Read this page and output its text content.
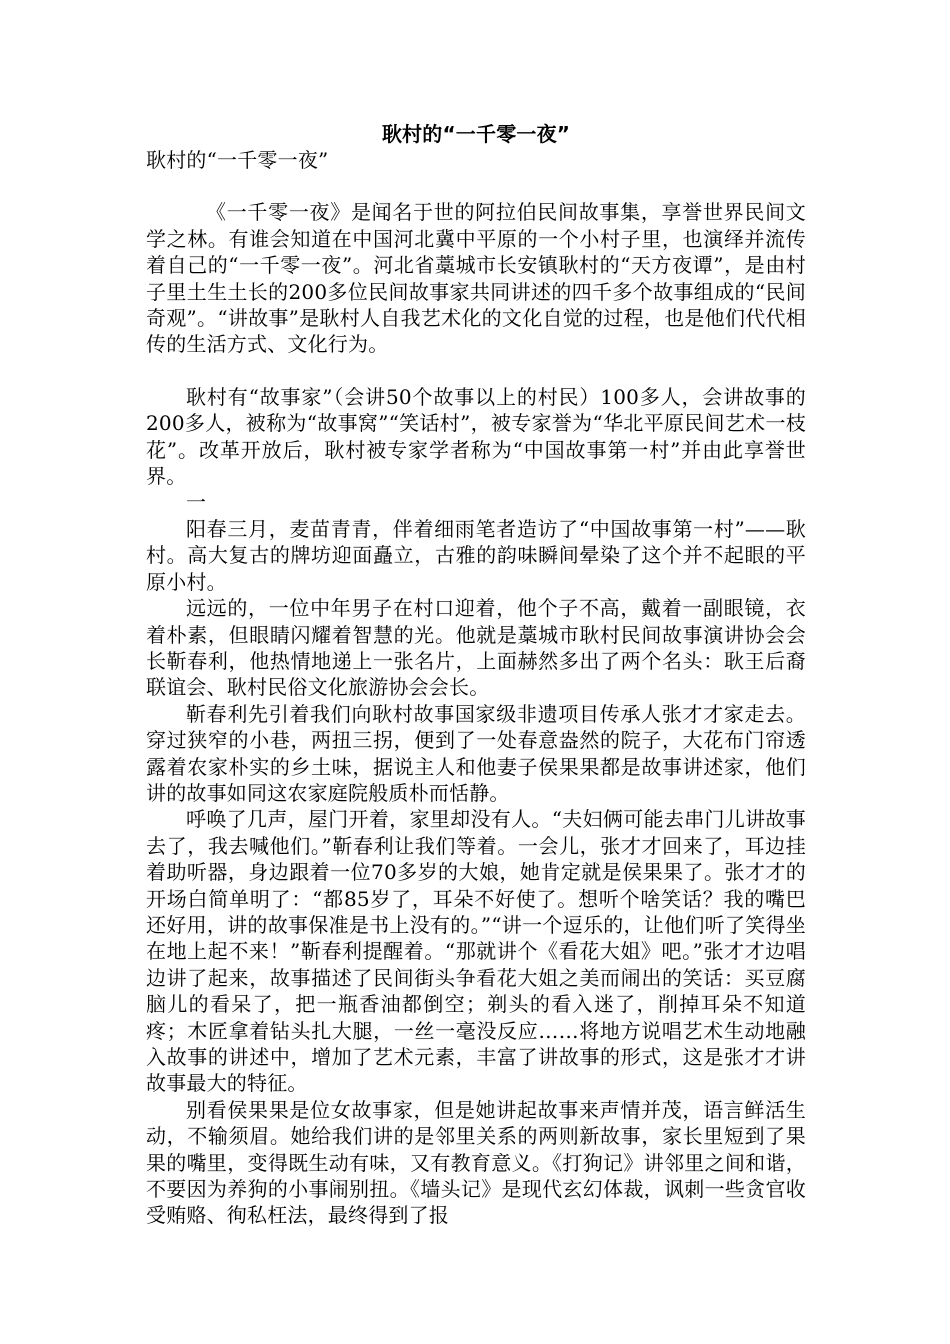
耿村的“一千零一夜”

耿村的“一千零一夜”

《一千零一夜》是闻名于世的阿拉伯民间故事集，享誉世界民间文学之林。有谁会知道在中国河北冀中平原的一个小村子里，也演绎并流传着自己的“一千零一夜”。河北省藁城市长安镇耿村的“天方夜谭”，是由村子里土生土长的200多位民间故事家共同讲述的四千多个故事组成的“民间奇观”。“讲故事”是耿村人自我艺术化的文化自觉的过程，也是他们代代相传的生活方式、文化行为。

耿村有“故事家”（会讲50个故事以上的村民）100多人，会讲故事的200多人，被称为“故事窝”“笑话村”，被专家誉为“华北平原民间艺术一枝花”。改革开放后，耿村被专家学者称为“中国故事第一村”并由此享誉世界。

一

阳春三月，麦苗青青，伴着细雨笔者造访了“中国故事第一村”——耿村。高大复古的牌坊迎面矗立，古雅的韵味瞬间晕染了这个并不起眼的平原小村。

远远的，一位中年男子在村口迎着，他个子不高，戴着一副眼镜，衣着朴素，但眼睛闪耀着智慧的光。他就是藁城市耿村民间故事演讲协会会长靳春利，他热情地递上一张名片，上面赫然多出了两个名头：耿王后裔联谊会、耿村民俗文化旅游协会会长。

靳春利先引着我们向耿村故事国家级非遗项目传承人张才才家走去。穿过狭窄的小巷，两扭三拐，便到了一处春意盎然的院子，大花布门帘透露着农家朴实的乡土味，据说主人和他妻子侯果果都是故事讲述家，他们讲的故事如同这农家庭院般质朴而恬静。

呼唤了几声，屋门开着，家里却没有人。“夫妇俩可能去串门儿讲故事去了，我去喊他们。”靳春利让我们等着。一会儿，张才才回来了，耳边挂着助听器，身边跟着一位70多岁的大娘，她肯定就是侯果果了。张才才的开场白简单明了：“都85岁了，耳朵不好使了。想听个啥笑话？我的嘴巴还好用，讲的故事保准是书上没有的。”“讲一个逗乐的，让他们听了笑得坐在地上起不来！”靳春利提醒着。“那就讲个《看花大姐》吧。”张才才边唱边讲了起来，故事描述了民间街头争看花大姐之美而闹出的笑话：买豆腐脑儿的看呆了，把一瓶香油都倒空；剃头的看入迷了，削掉耳朵不知道疼；木匠拿着钻头扎大腿，一丝一毫没反应……将地方说唱艺术生动地融入故事的讲述中，增加了艺术元素，丰富了讲故事的形式，这是张才才讲故事最大的特征。

别看侯果果是位女故事家，但是她讲起故事来声情并茂，语言鲜活生动，不输须眉。她给我们讲的是邻里关系的两则新故事，家长里短到了果果的嘴里，变得既生动有味，又有教育意义。《打狗记》讲邻里之间和谐，不要因为养狗的小事闹别扭。《墙头记》是现代玄幻体裁，讽刺一些贪官收受贿赂、徇私枉法，最终得到了报
